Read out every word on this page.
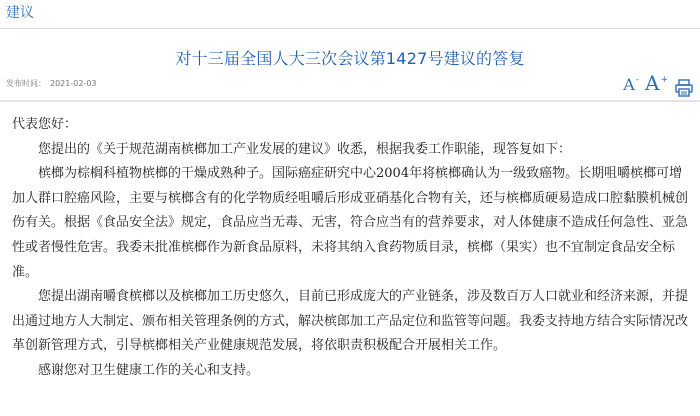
建议
对十三届全国人大三次会议第1427号建议的答复
发布时间： 2021-02-03	A- A+

代表您好：

您提出的《关于规范湖南槟榔加工产业发展的建议》收悉，根据我委工作职能，现答复如下：

槟榔为棕榈科植物槟榔的干燥成熟种子。国际癌症研究中心2004年将槟榔确认为一级致癌物。长期咀嚼槟榔可增加人群口腔癌风险，主要与槟榔含有的化学物质经咀嚼后形成亚硝基化合物有关，还与槟榔质硬易造成口腔黏膜机械创伤有关。根据《食品安全法》规定，食品应当无毒、无害，符合应当有的营养要求，对人体健康不造成任何急性、亚急性或者慢性危害。我委未批准槟榔作为新食品原料，未将其纳入食药物质目录，槟榔（果实）也不宜制定食品安全标准。

您提出湖南嚼食槟榔以及槟榔加工历史悠久，目前已形成庞大的产业链条，涉及数百万人口就业和经济来源，并提出通过地方人大制定、颁布相关管理条例的方式，解决槟郎加工产品定位和监管等问题。我委支持地方结合实际情况改革创新管理方式，引导槟榔相关产业健康规范发展，将依职责积极配合开展相关工作。

感谢您对卫生健康工作的关心和支持。
